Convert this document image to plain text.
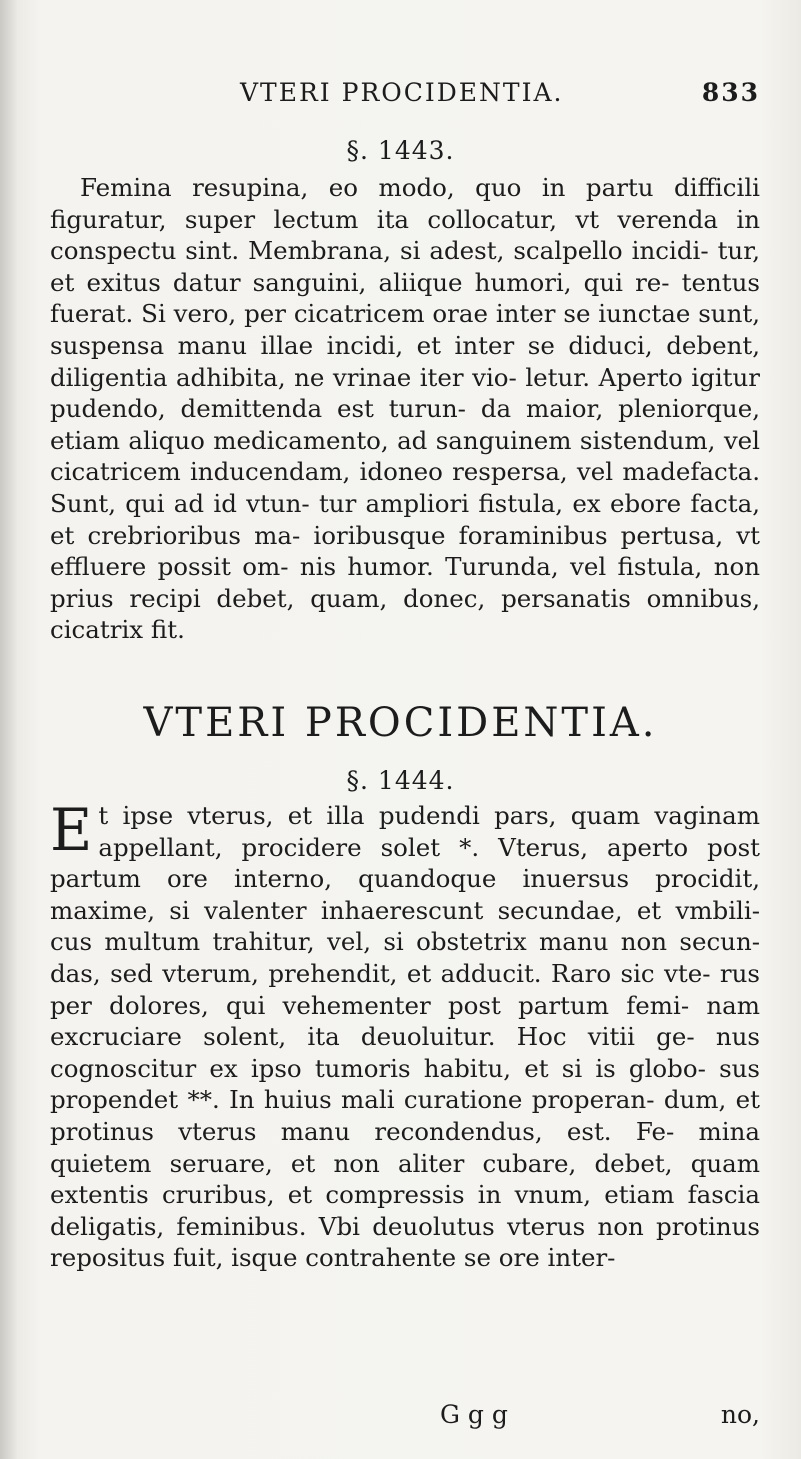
VTERI PROCIDENTIA.	833
§. 1443.

Femina resupina, eo modo, quo in partu difficili figuratur, super lectum ita collocatur, vt verenda in conspectu sint. Membrana, si adest, scalpello incidi- tur, et exitus datur sanguini, aliique humori, qui re- tentus fuerat. Si vero, per cicatricem orae inter se iunctae sunt, suspensa manu illae incidi, et inter se diduci, debent, diligentia adhibita, ne vrinae iter vio- letur. Aperto igitur pudendo, demittenda est turun- da maior, pleniorque, etiam aliquo medicamento, ad sanguinem sistendum, vel cicatricem inducendam, idoneo respersa, vel madefacta. Sunt, qui ad id vtun- tur ampliori fistula, ex ebore facta, et crebrioribus ma- ioribusque foraminibus pertusa, vt effluere possit om- nis humor. Turunda, vel fistula, non prius recipi debet, quam, donec, persanatis omnibus, cicatrix fit.

VTERI PROCIDENTIA.
§. 1444.

Et ipse vterus, et illa pudendi pars, quam vaginam appellant, procidere solet *. Vterus, aperto post partum ore interno, quandoque inuersus procidit, maxime, si valenter inhaerescunt secundae, et vmbili- cus multum trahitur, vel, si obstetrix manu non secun- das, sed vterum, prehendit, et adducit. Raro sic vte- rus per dolores, qui vehementer post partum femi- nam excruciare solent, ita deuoluitur. Hoc vitii ge- nus cognoscitur ex ipso tumoris habitu, et si is globo- sus propendet **. In huius mali curatione properan- dum, et protinus vterus manu recondendus, est. Fe- mina quietem seruare, et non aliter cubare, debet, quam extentis cruribus, et compressis in vnum, etiam fascia deligatis, feminibus. Vbi deuolutus vterus non protinus repositus fuit, isque contrahente se ore inter-

G g g	no,
